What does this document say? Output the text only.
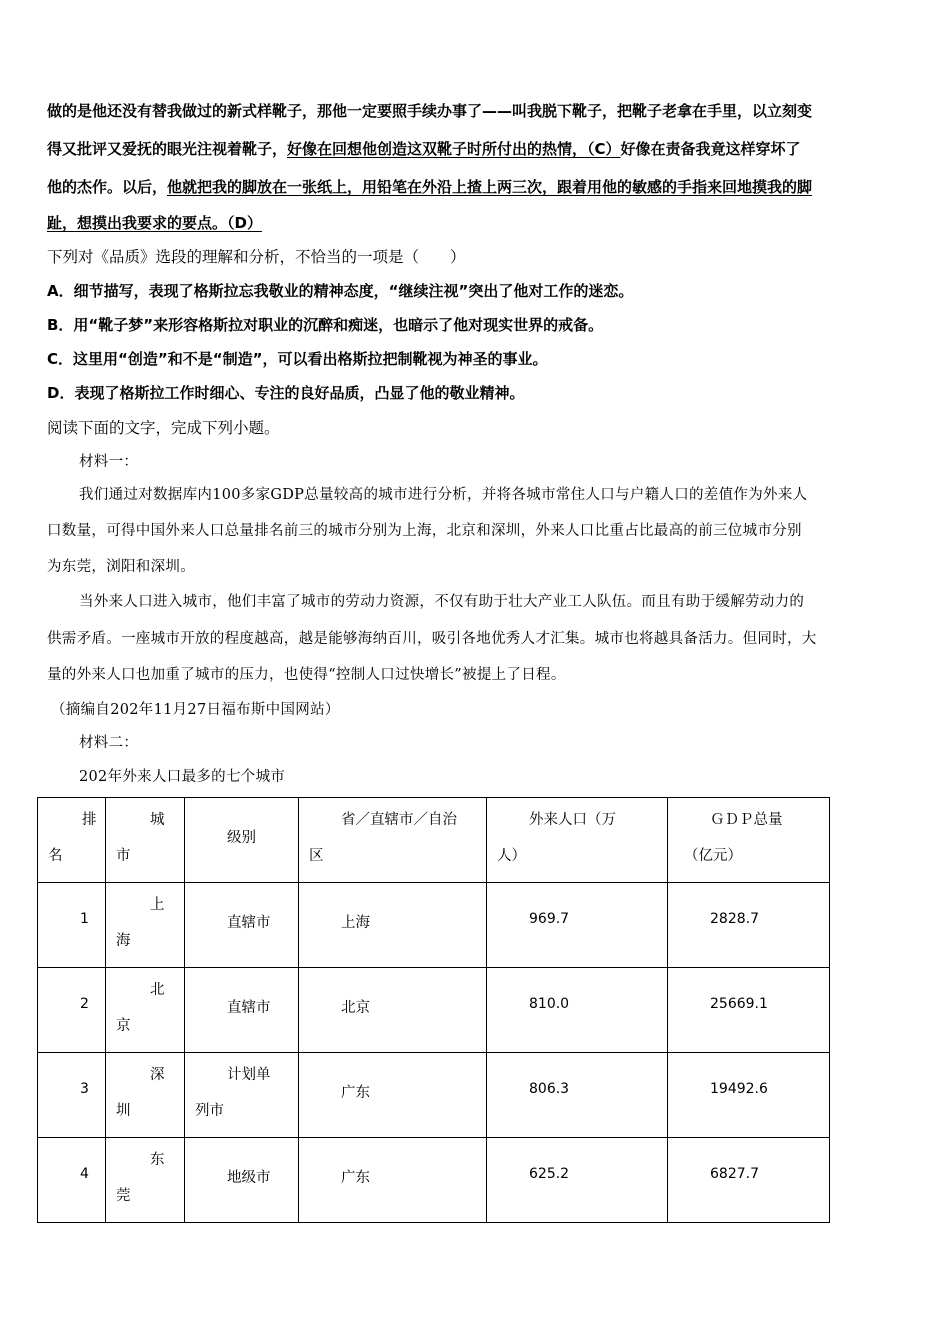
做的是他还没有替我做过的新式样靴子，那他一定要照手续办事了——叫我脱下靴子，把靴子老拿在手里，以立刻变
得又批评又爱抚的眼光注视着靴子，好像在回想他创造这双靴子时所付出的热情，（C）好像在责备我竟这样穿坏了
他的杰作。以后，他就把我的脚放在一张纸上，用铅笔在外沿上揸上两三次，跟着用他的敏感的手指来回地摸我的脚
趾，想摸出我要求的要点。（D）
下列对《品质》选段的理解和分析，不恰当的一项是（　　）
A．细节描写，表现了格斯拉忘我敬业的精神态度，“继续注视”突出了他对工作的迷恋。
B．用“靴子梦”来形容格斯拉对职业的沉醉和痴迷，也暗示了他对现实世界的戒备。
C．这里用“创造”和不是“制造”，可以看出格斯拉把制靴视为神圣的事业。
D．表现了格斯拉工作时细心、专注的良好品质，凸显了他的敬业精神。
阅读下面的文字，完成下列小题。
材料一：
我们通过对数据库内100多家GDP总量较高的城市进行分析，并将各城市常住人口与户籍人口的差值作为外来人
口数量，可得中国外来人口总量排名前三的城市分别为上海，北京和深圳，外来人口比重占比最高的前三位城市分别
为东莞，浏阳和深圳。
当外来人口进入城市，他们丰富了城市的劳动力资源，不仅有助于壮大产业工人队伍。而且有助于缓解劳动力的
供需矛盾。一座城市开放的程度越高，越是能够海纳百川，吸引各地优秀人才汇集。城市也将越具备活力。但同时，大
量的外来人口也加重了城市的压力，也使得“控制人口过快增长”被提上了日程。
（摘编自202年11月27日福布斯中国网站）
材料二：
202年外来人口最多的七个城市
排
名	城
市	级别	省／直辖市／自治
区	外来人口（万
人）	ＧＤＰ总量
（亿元）

1	上
海	直辖市	上海	969.7	2828.7

2	北
京	直辖市	北京	810.0	25669.1

3	深
圳	计划单
列市	广东	806.3	19492.6

4	东
莞	地级市	广东	625.2	6827.7
